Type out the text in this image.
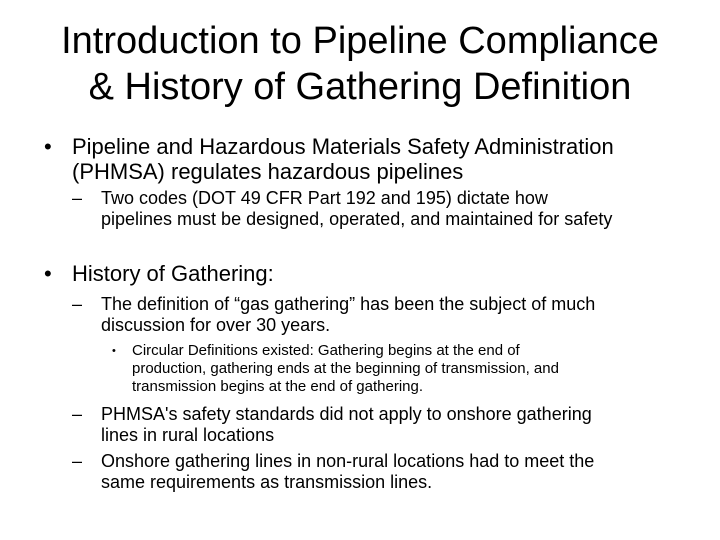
Introduction to Pipeline Compliance
& History of Gathering Definition
• Pipeline and Hazardous Materials Safety Administration
(PHMSA) regulates hazardous pipelines
– Two codes (DOT 49 CFR Part 192 and 195) dictate how
pipelines must be designed, operated, and maintained for safety
• History of Gathering:
– The definition of “gas gathering” has been the subject of much
discussion for over 30 years.
• Circular Definitions existed: Gathering begins at the end of
production, gathering ends at the beginning of transmission, and
transmission begins at the end of gathering.
– PHMSA's safety standards did not apply to onshore gathering
lines in rural locations
– Onshore gathering lines in non-rural locations had to meet the
same requirements as transmission lines.
